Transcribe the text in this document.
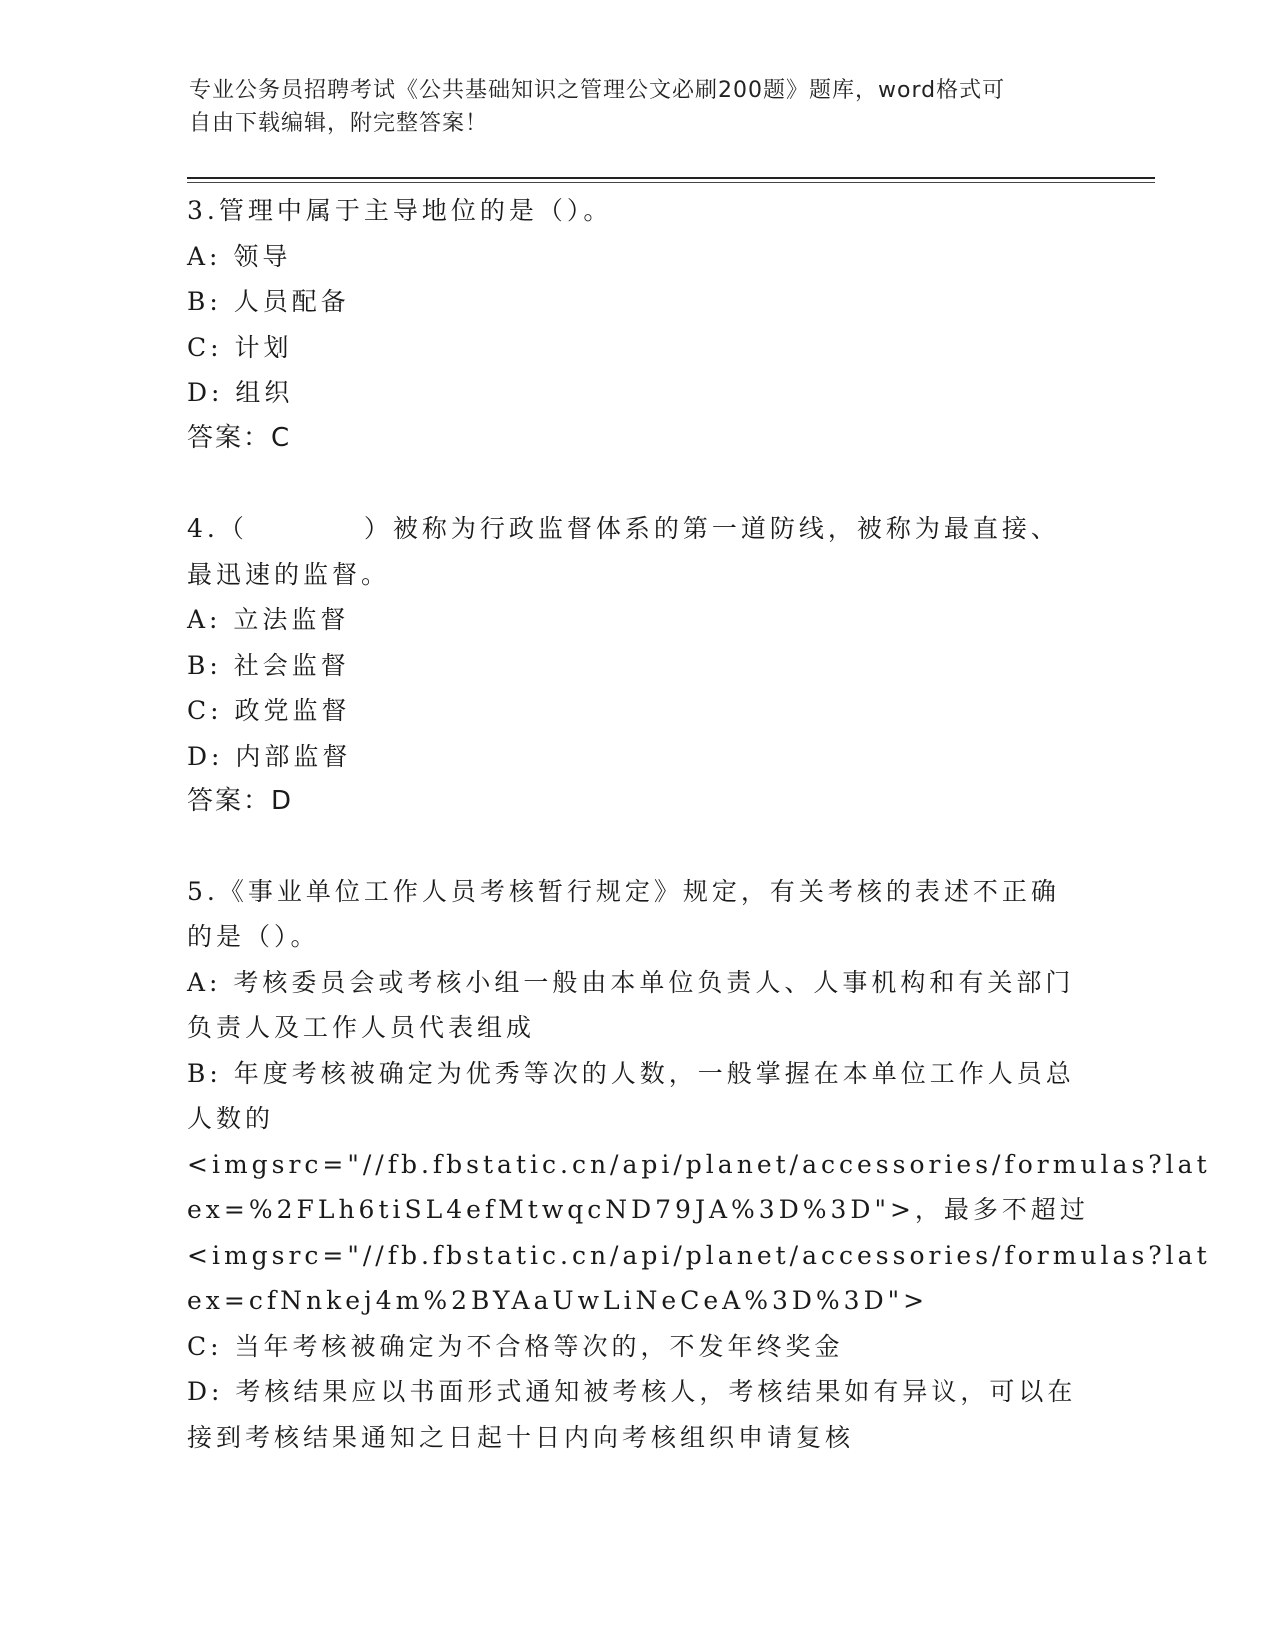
专业公务员招聘考试《公共基础知识之管理公文必刷200题》题库，word格式可
自由下载编辑，附完整答案！

3.管理中属于主导地位的是（）。

A: 领导

B: 人员配备

C: 计划

D: 组织

答案：C

4.（　　　　）被称为行政监督体系的第一道防线，被称为最直接、

最迅速的监督。

A: 立法监督

B: 社会监督

C: 政党监督

D: 内部监督

答案：D

5.《事业单位工作人员考核暂行规定》规定，有关考核的表述不正确

的是（）。

A: 考核委员会或考核小组一般由本单位负责人、人事机构和有关部门

负责人及工作人员代表组成

B: 年度考核被确定为优秀等次的人数，一般掌握在本单位工作人员总

人数的

<imgsrc="//fb.fbstatic.cn/api/planet/accessories/formulas?lat

ex=%2FLh6tiSL4efMtwqcND79JA%3D%3D">，最多不超过

<imgsrc="//fb.fbstatic.cn/api/planet/accessories/formulas?lat

ex=cfNnkej4m%2BYAaUwLiNeCeA%3D%3D">

C: 当年考核被确定为不合格等次的，不发年终奖金

D: 考核结果应以书面形式通知被考核人，考核结果如有异议，可以在

接到考核结果通知之日起十日内向考核组织申请复核
